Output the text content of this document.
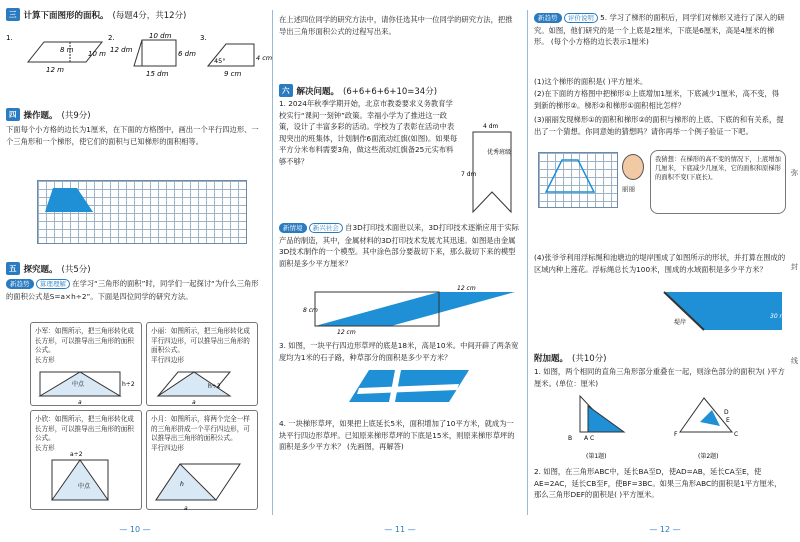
三 计算下面图形的面积。 (每题4分，共12分)
1.
8 m 10 m
12 m
2.
12 dm
10 dm
6 dm
15 dm
3.
45°	4 cm
9 cm
四 操作题。 (共9分)
下面每个小方格的边长为1厘米，在下面的方格图中，画出一个平行四边形、一个三角形和一个梯形，使它们的面积与已知梯形的面积相等。
五 探究题。 (共5分)
新趋势 算理理解 在学习“三角形的面积”时，同学们一起探讨“为什么三角形的面积公式是S=a×h÷2”。下面是四位同学的研究方法。
小军：如图所示，把三角形转化成长方形，可以推导出三角形的面积公式。
长方形
小丽：如图所示，把三角形转化成平行四边形，可以推导出三角形的面积公式。
平行四边形
小欣：如图所示，把三角形转化成长方形，可以推导出三角形的面积公式。
长方形
小月：如图所示，将两个完全一样的三角形拼成一个平行四边形，可以推导出三角形的面积公式。
平行四边形
中点
a
h÷2	h÷2
a
a÷2
中点	h
a
— 10 —
在上述四位同学的研究方法中，请你任选其中一位同学的研究方法，把推导出三角形面积公式的过程写出来。
六 解决问题。 (6+6+6+6+10=34分)
1. 2024年秋季学期开始，北京市教委要求义务教育学校实行“课间一刻钟”政策。幸福小学为了推进这一政策，设计了丰富多彩的活动。学校为了表彰在活动中表现突出的班集体，计划制作6面流动红旗(如图)。如果每平方分米布料需要3角，做这些流动红旗备25元实布料够不够？
4 dm
优秀班级
7 dm
新情境 新兴社会 自3D打印技术面世以来，3D打印技术逐渐应用于实际产品的制造，其中，金属材料的3D打印技术发展尤其迅速。如图是由金属3D技术制作的一个模型。其中涂色部分要裁切下来，那么裁切下来的模型面积是多少平方厘米？
12 cm
8 cm
12 cm
3. 如图，一块平行四边形草坪的底是18米，高是10米。中间开辟了两条宽度均为1米的石子路，种草部分的面积是多少平方米？
4. 一块梯形草坪，如果把上底延长5米，面积增加了10平方米，就成为一块平行四边形草坪。已知原来梯形草坪的下底是15米，则原来梯形草坪的面积是多少平方米？ (先画图，再解答)
— 11 —
新趋势 评价说明 5. 学习了梯形的面积后，同学们对梯形又进行了深入的研究。如图，他们研究的是一个上底是2厘米，下底是6厘米，高是4厘米的梯形。 (每个小方格的边长表示1厘米)
(1)这个梯形的面积是( )平方厘米。
(2)在下面的方格图中把梯形①上底增加1厘米，下底减少1厘米，高不变，得到新的梯形②。梯形②和梯形①面积相比怎样？
(3)丽丽发现梯形①的面积和梯形②的面积与梯形的上底、下底的和有关系，提出了一个猜想。你同意她的猜想吗？请你再举一个例子验证一下吧。
丽丽
我猜想：在梯形的高不变的情况下，上底增加几厘米，下底减少几厘米，它的面积和原梯形的面积不变(下底长)。
(4)张爷爷利用浮标绳和池塘边的堤岸围成了如图所示的形状，并打算在围成的区域内种上莲花。浮标绳总长为100米，围成的水域面积是多少平方米？
堤岸
30 m
附加题。 (共10分)
1. 如图，两个相同的直角三角形部分重叠在一起，则涂色部分的面积为( )平方厘米。(单位：厘米)
B A C
(第1题)
F	C
D
E
(第2题)
2. 如图，在三角形ABC中，延长BA至D，使AD=AB，延长CA至E，使AE=2AC，延长CB至F，使BF=3BC。如果三角形ABC的面积是1平方厘米，那么三角形DEF的面积是( )平方厘米。
弥
封
线
— 12 —
